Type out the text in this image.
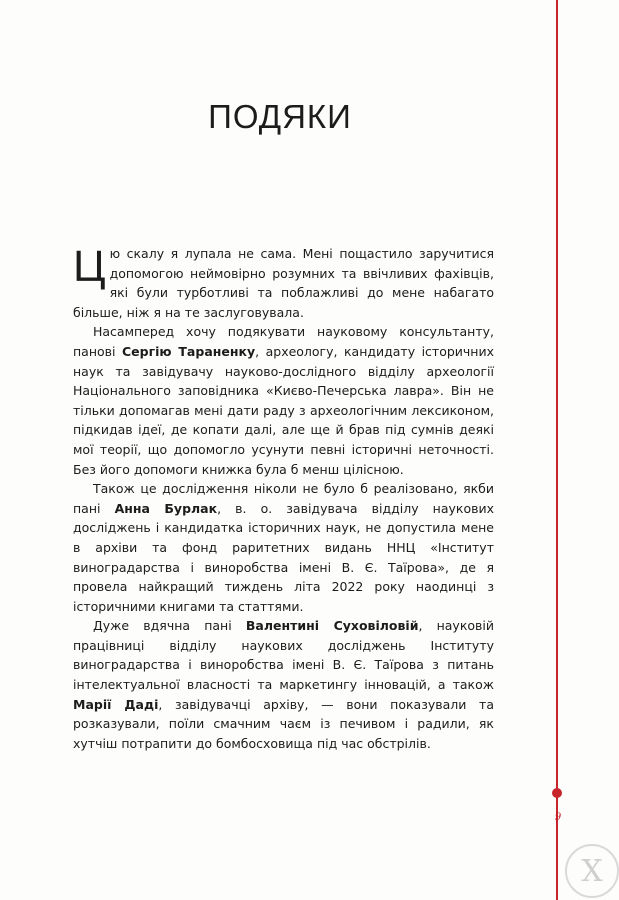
9
ПОДЯКИ

Цю скалу я лупала не сама. Мені пощастило заручитися допомогою неймовірно розумних та ввічливих фахівців, які були турботливі та поблажливі до мене набагато більше, ніж я на те заслуговувала.

Насамперед хочу подякувати науковому консультанту, панові Сергію Тараненку, археологу, кандидату історичних наук та завідувачу науково-дослідного відділу археології Національного заповідника «Києво-Печерська лавра». Він не тільки допомагав мені дати раду з археологічним лексиконом, підкидав ідеї, де копати далі, але ще й брав під сумнів деякі мої теорії, що допомогло усунути певні історичні неточності. Без його допомоги книжка була б менш цілісною.

Також це дослідження ніколи не було б реалізовано, якби пані Анна Бурлак, в. о. завідувача відділу наукових досліджень і кандидатка історичних наук, не допустила мене в архіви та фонд раритетних видань ННЦ «Інститут виноградарства і виноробства імені В. Є. Таїрова», де я провела найкращий тиждень літа 2022 року наодинці з історичними книгами та статтями.

Дуже вдячна пані Валентині Суховіловій, науковій працівниці відділу наукових досліджень Інституту виноградарства і виноробства імені В. Є. Таїрова з питань інтелектуальної власності та маркетингу інновацій, а також Марії Даді, завідувачці архіву, — вони показували та розказували, поїли смачним чаєм із печивом і радили, як хутчіш потрапити до бомбосховища під час обстрілів.

X
